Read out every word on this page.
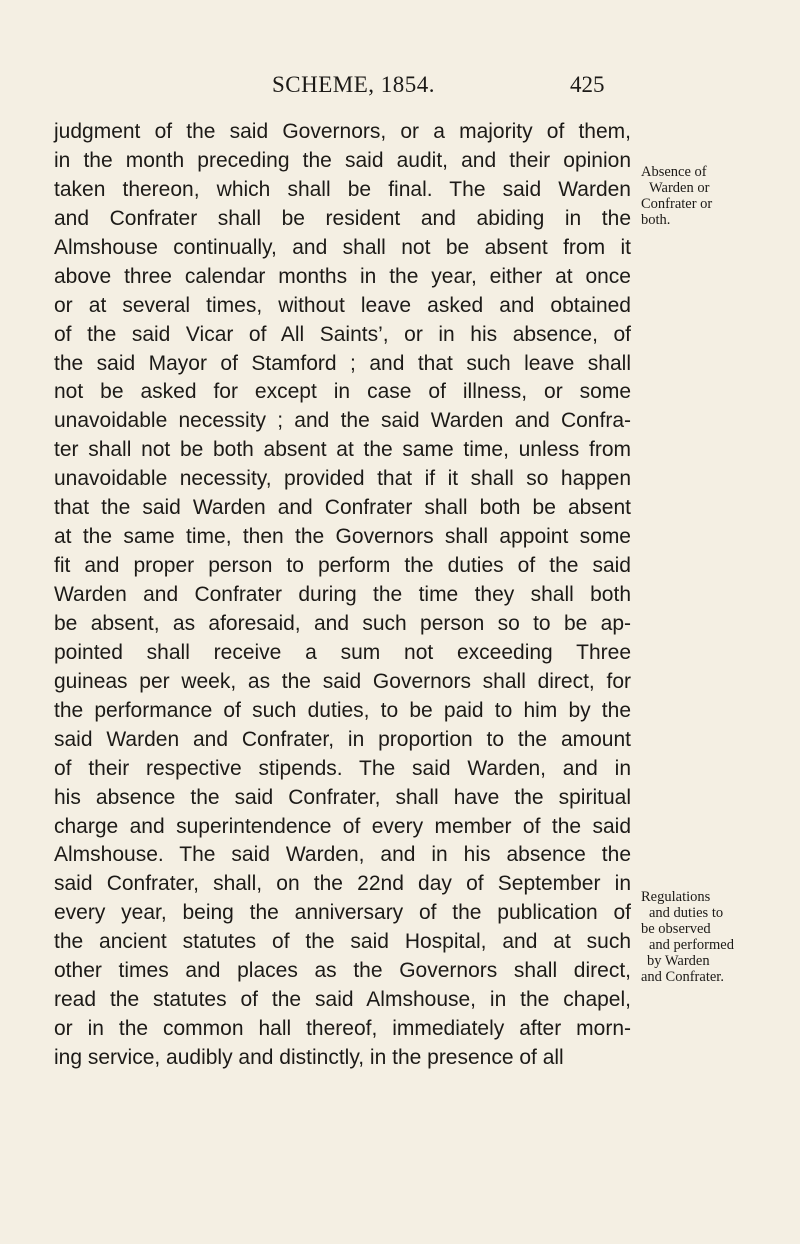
SCHEME, 1854.	425
judgment of the said Governors, or a majority of them,
in the month preceding the said audit, and their opinion
taken thereon, which shall be final. The said Warden
and Confrater shall be resident and abiding in the
Almshouse continually, and shall not be absent from it
above three calendar months in the year, either at once
or at several times, without leave asked and obtained
of the said Vicar of All Saints’, or in his absence, of
the said Mayor of Stamford ; and that such leave shall
not be asked for except in case of illness, or some
unavoidable necessity ; and the said Warden and Confra-
ter shall not be both absent at the same time, unless from
unavoidable necessity, provided that if it shall so happen
that the said Warden and Confrater shall both be absent
at the same time, then the Governors shall appoint some
fit and proper person to perform the duties of the said
Warden and Confrater during the time they shall both
be absent, as aforesaid, and such person so to be ap-
pointed shall receive a sum not exceeding Three
guineas per week, as the said Governors shall direct, for
the performance of such duties, to be paid to him by the
said Warden and Confrater, in proportion to the amount
of their respective stipends. The said Warden, and in
his absence the said Confrater, shall have the spiritual
charge and superintendence of every member of the said
Almshouse. The said Warden, and in his absence the
said Confrater, shall, on the 22nd day of September in
every year, being the anniversary of the publication of
the ancient statutes of the said Hospital, and at such
other times and places as the Governors shall direct,
read the statutes of the said Almshouse, in the chapel,
or in the common hall thereof, immediately after morn-
ing service, audibly and distinctly, in the presence of all
Absence of
Warden or
Confrater or
both.
Regulations
and duties to
be observed
and performed
by Warden
and Confrater.
